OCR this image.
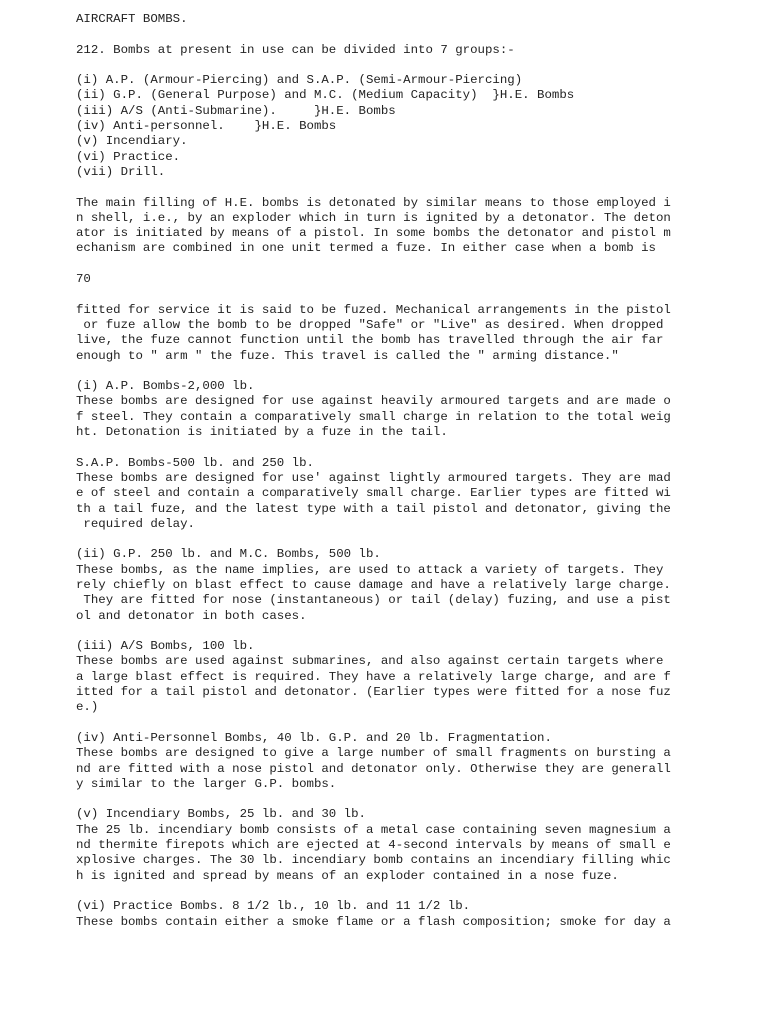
AIRCRAFT BOMBS.
212. Bombs at present in use can be divided into 7 groups:-
(i) A.P. (Armour-Piercing) and S.A.P. (Semi-Armour-Piercing)
(ii) G.P. (General Purpose) and M.C. (Medium Capacity)  }H.E. Bombs
(iii) A/S (Anti-Submarine).     }H.E. Bombs
(iv) Anti-personnel.    }H.E. Bombs
(v) Incendiary.
(vi) Practice.
(vii) Drill.
The main filling of H.E. bombs is detonated by similar means to those employed i
n shell, i.e., by an exploder which in turn is ignited by a detonator. The deton
ator is initiated by means of a pistol. In some bombs the detonator and pistol m
echanism are combined in one unit termed a fuze. In either case when a bomb is
70
fitted for service it is said to be fuzed. Mechanical arrangements in the pistol
or fuze allow the bomb to be dropped "Safe" or "Live" as desired. When dropped
live, the fuze cannot function until the bomb has travelled through the air far
enough to " arm " the fuze. This travel is called the " arming distance."
(i) A.P. Bombs-2,000 lb.
These bombs are designed for use against heavily armoured targets and are made o
f steel. They contain a comparatively small charge in relation to the total weig
ht. Detonation is initiated by a fuze in the tail.
S.A.P. Bombs-500 lb. and 250 lb.
These bombs are designed for use' against lightly armoured targets. They are mad
e of steel and contain a comparatively small charge. Earlier types are fitted wi
th a tail fuze, and the latest type with a tail pistol and detonator, giving the
required delay.
(ii) G.P. 250 lb. and M.C. Bombs, 500 lb.
These bombs, as the name implies, are used to attack a variety of targets. They
rely chiefly on blast effect to cause damage and have a relatively large charge.
They are fitted for nose (instantaneous) or tail (delay) fuzing, and use a pist
ol and detonator in both cases.
(iii) A/S Bombs, 100 lb.
These bombs are used against submarines, and also against certain targets where
a large blast effect is required. They have a relatively large charge, and are f
itted for a tail pistol and detonator. (Earlier types were fitted for a nose fuz
e.)
(iv) Anti-Personnel Bombs, 40 lb. G.P. and 20 lb. Fragmentation.
These bombs are designed to give a large number of small fragments on bursting a
nd are fitted with a nose pistol and detonator only. Otherwise they are generall
y similar to the larger G.P. bombs.
(v) Incendiary Bombs, 25 lb. and 30 lb.
The 25 lb. incendiary bomb consists of a metal case containing seven magnesium a
nd thermite firepots which are ejected at 4-second intervals by means of small e
xplosive charges. The 30 lb. incendiary bomb contains an incendiary filling whic
h is ignited and spread by means of an exploder contained in a nose fuze.
(vi) Practice Bombs. 8 1/2 lb., 10 lb. and 11 1/2 lb.
These bombs contain either a smoke flame or a flash composition; smoke for day a
